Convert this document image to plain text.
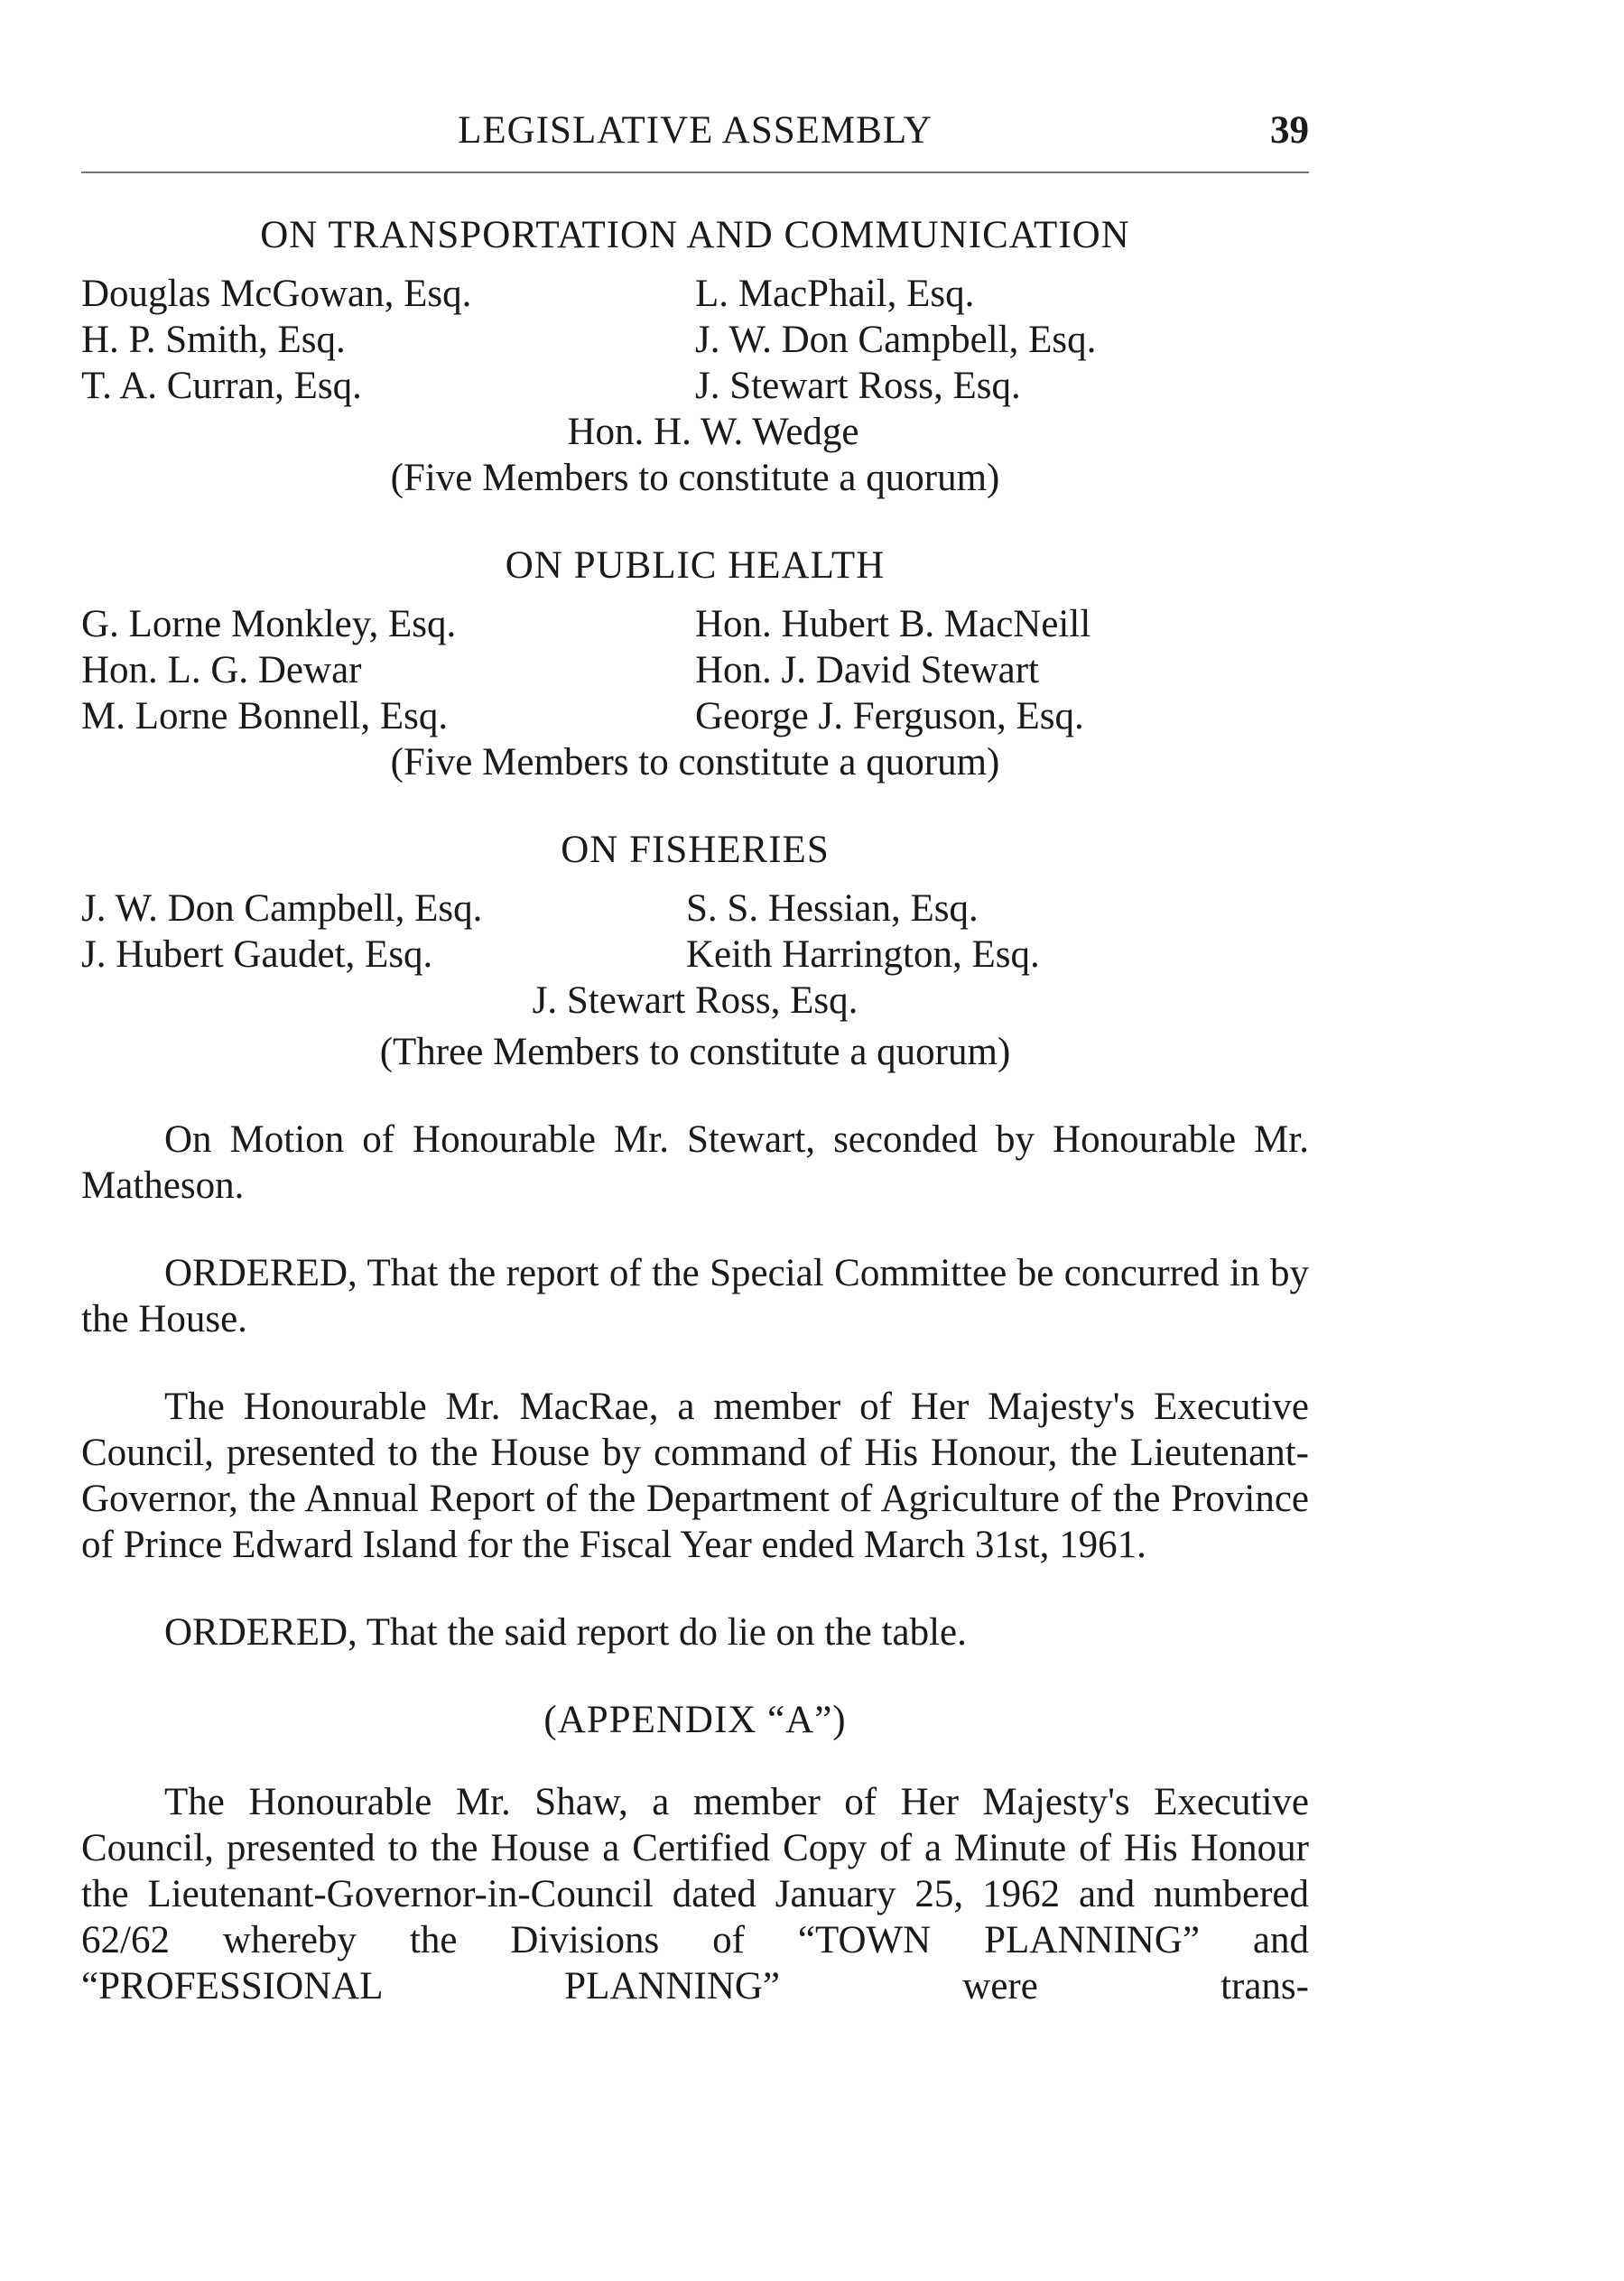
LEGISLATIVE ASSEMBLY	39
ON TRANSPORTATION AND COMMUNICATION
Douglas McGowan, Esq.
H. P. Smith, Esq.
T. A. Curran, Esq.
L. MacPhail, Esq.
J. W. Don Campbell, Esq.
J. Stewart Ross, Esq.
Hon. H. W. Wedge
(Five Members to constitute a quorum)
ON PUBLIC HEALTH
G. Lorne Monkley, Esq.
Hon. L. G. Dewar
M. Lorne Bonnell, Esq.
Hon. Hubert B. MacNeill
Hon. J. David Stewart
George J. Ferguson, Esq.
(Five Members to constitute a quorum)
ON FISHERIES
J. W. Don Campbell, Esq.
J. Hubert Gaudet, Esq.
S. S. Hessian, Esq.
Keith Harrington, Esq.
J. Stewart Ross, Esq.
(Three Members to constitute a quorum)

On Motion of Honourable Mr. Stewart, seconded by Honourable Mr. Matheson.

ORDERED, That the report of the Special Committee be concurred in by the House.

The Honourable Mr. MacRae, a member of Her Majesty's Executive Council, presented to the House by command of His Honour, the Lieutenant-Governor, the Annual Report of the Department of Agriculture of the Province of Prince Edward Island for the Fiscal Year ended March 31st, 1961.

ORDERED, That the said report do lie on the table.

(APPENDIX “A”)

The Honourable Mr. Shaw, a member of Her Majesty's Executive Council, presented to the House a Certified Copy of a Minute of His Honour the Lieutenant-Governor-in-Council dated January 25, 1962 and numbered 62/62 whereby the Divisions of “TOWN PLANNING” and “PROFESSIONAL PLANNING” were trans-
